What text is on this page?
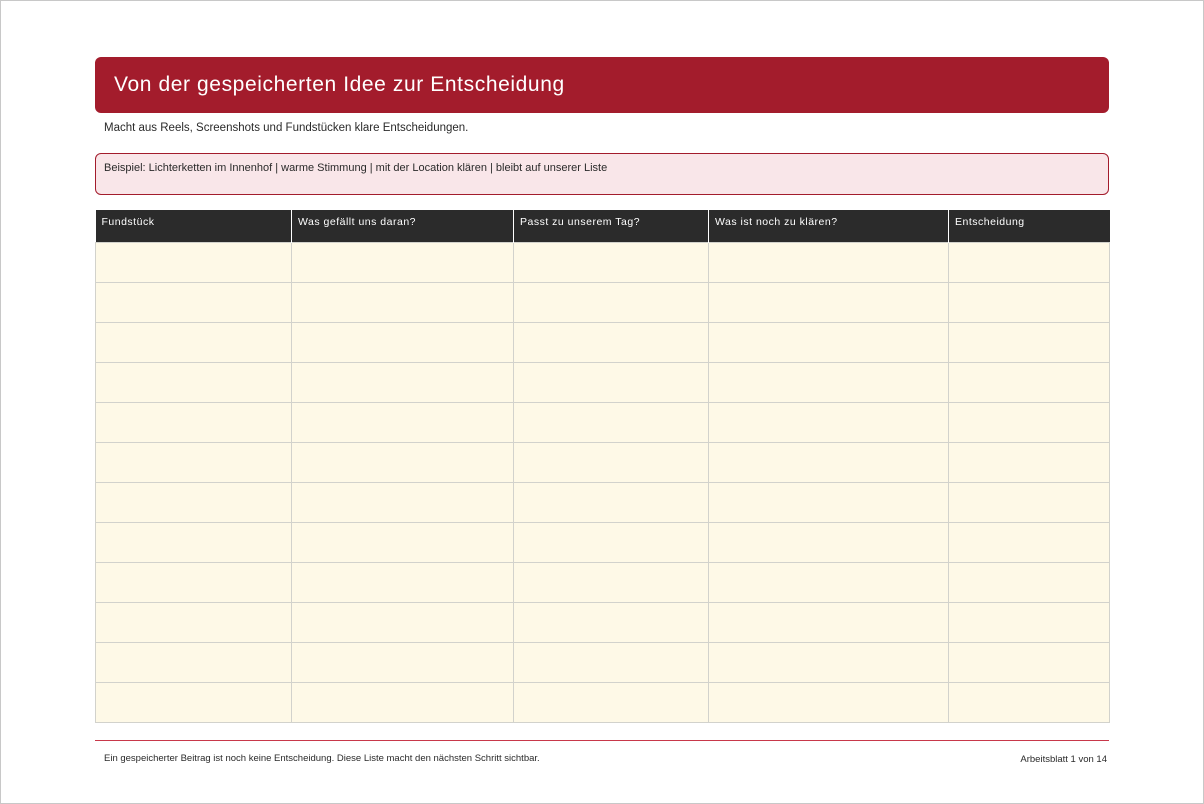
Von der gespeicherten Idee zur Entscheidung
Macht aus Reels, Screenshots und Fundstücken klare Entscheidungen.
Beispiel: Lichterketten im Innenhof | warme Stimmung | mit der Location klären | bleibt auf unserer Liste
Fundstück	Was gefällt uns daran?	Passt zu unserem Tag?	Was ist noch zu klären?	Entscheidung

Ein gespeicherter Beitrag ist noch keine Entscheidung. Diese Liste macht den nächsten Schritt sichtbar.	Arbeitsblatt 1 von 14
